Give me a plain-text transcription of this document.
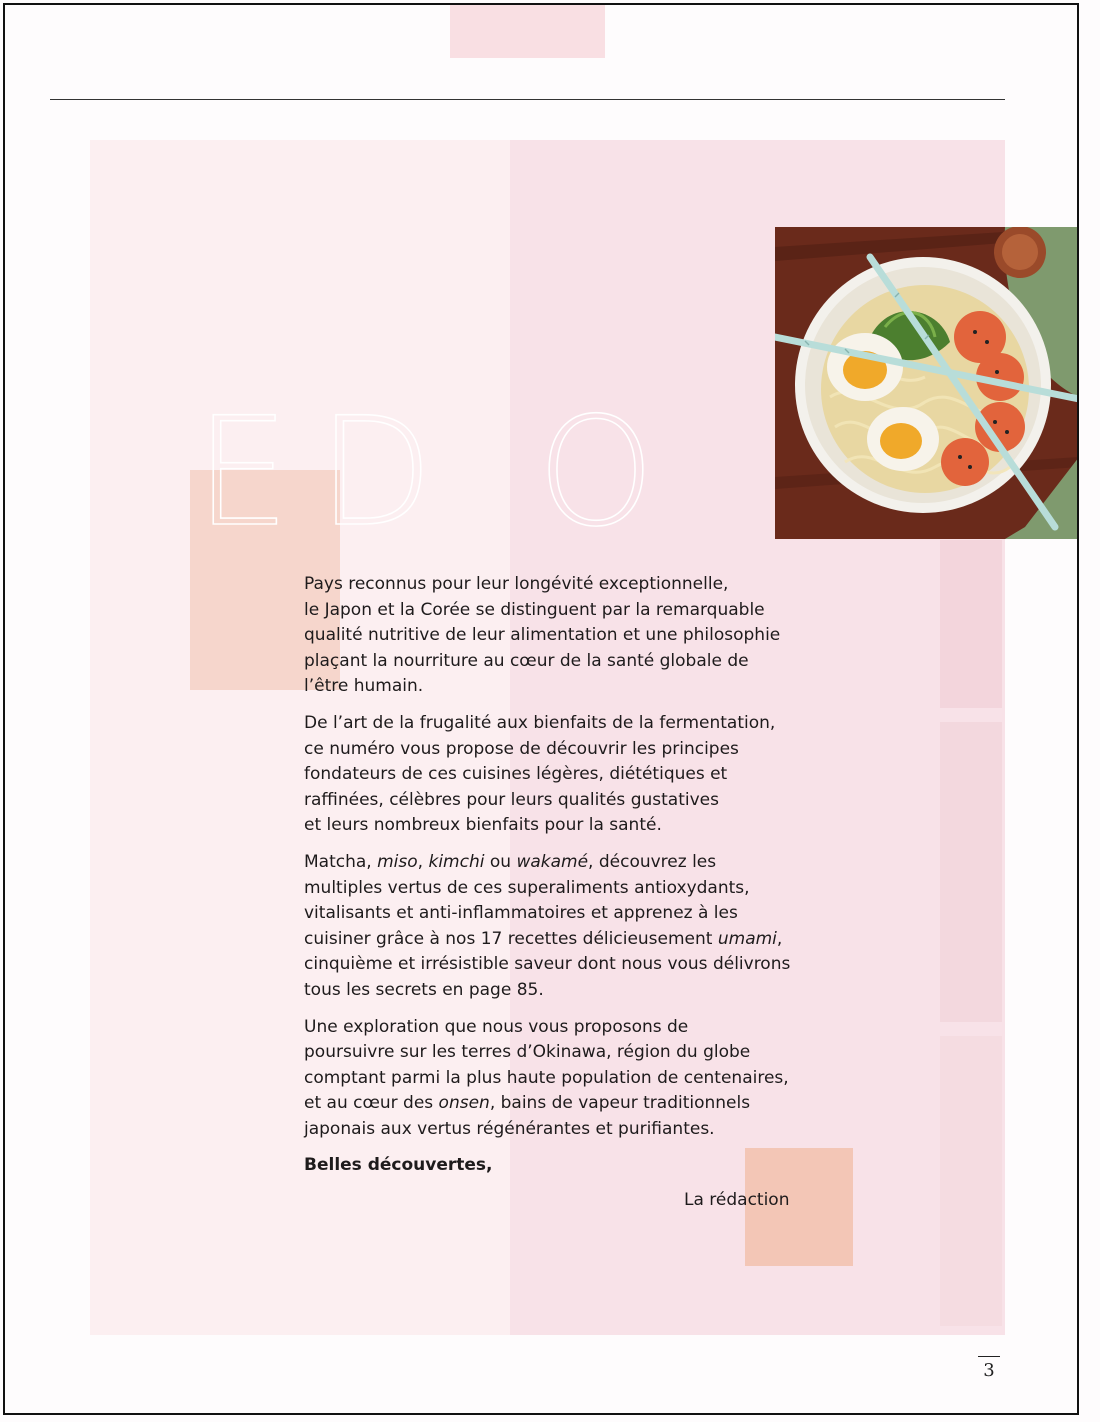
ED O

Pays reconnus pour leur longévité exceptionnelle,
le Japon et la Corée se distinguent par la remarquable
qualité nutritive de leur alimentation et une philosophie
plaçant la nourriture au cœur de la santé globale de
l’être humain.

De l’art de la frugalité aux bienfaits de la fermentation,
ce numéro vous propose de découvrir les principes
fondateurs de ces cuisines légères, diététiques et
raffinées, célèbres pour leurs qualités gustatives
et leurs nombreux bienfaits pour la santé.

Matcha, miso, kimchi ou wakamé, découvrez les
multiples vertus de ces superaliments antioxydants,
vitalisants et anti-inflammatoires et apprenez à les
cuisiner grâce à nos 17 recettes délicieusement umami,
cinquième et irrésistible saveur dont nous vous délivrons
tous les secrets en page 85.

Une exploration que nous vous proposons de
poursuivre sur les terres d’Okinawa, région du globe
comptant parmi la plus haute population de centenaires,
et au cœur des onsen, bains de vapeur traditionnels
japonais aux vertus régénérantes et purifiantes.

Belles découvertes,

La rédaction
3
